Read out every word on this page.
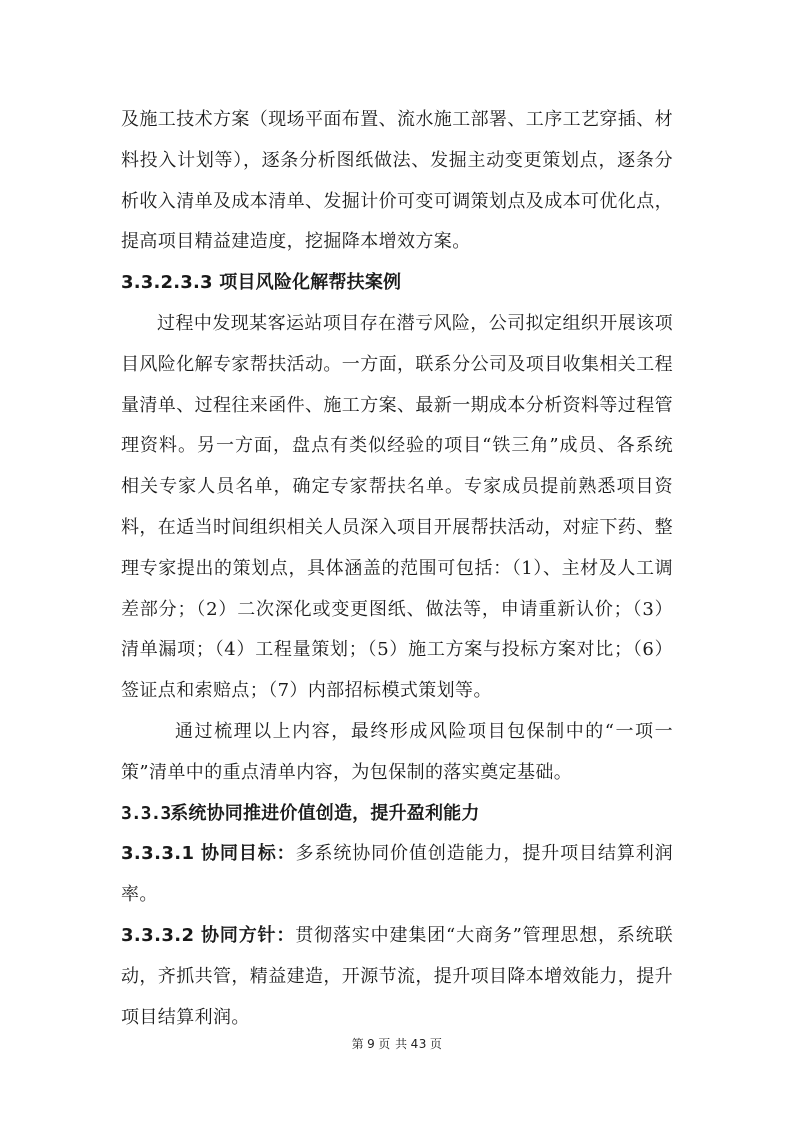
及施工技术方案（现场平面布置、流水施工部署、工序工艺穿插、材料投入计划等），逐条分析图纸做法、发掘主动变更策划点，逐条分析收入清单及成本清单、发掘计价可变可调策划点及成本可优化点，提高项目精益建造度，挖掘降本增效方案。

3.3.2.3.3 项目风险化解帮扶案例

过程中发现某客运站项目存在潜亏风险，公司拟定组织开展该项目风险化解专家帮扶活动。一方面，联系分公司及项目收集相关工程量清单、过程往来函件、施工方案、最新一期成本分析资料等过程管理资料。另一方面，盘点有类似经验的项目“铁三角”成员、各系统相关专家人员名单，确定专家帮扶名单。专家成员提前熟悉项目资料，在适当时间组织相关人员深入项目开展帮扶活动，对症下药、整理专家提出的策划点，具体涵盖的范围可包括：（1）、主材及人工调差部分；（2）二次深化或变更图纸、做法等，申请重新认价；（3）清单漏项；（4）工程量策划；（5）施工方案与投标方案对比；（6）签证点和索赔点；（7）内部招标模式策划等。

通过梳理以上内容，最终形成风险项目包保制中的“一项一策”清单中的重点清单内容，为包保制的落实奠定基础。

3.3.3系统协同推进价值创造，提升盈利能力

3.3.3.1 协同目标：多系统协同价值创造能力，提升项目结算利润率。

3.3.3.2 协同方针：贯彻落实中建集团“大商务”管理思想，系统联动，齐抓共管，精益建造，开源节流，提升项目降本增效能力，提升项目结算利润。

第 9 页 共 43 页
